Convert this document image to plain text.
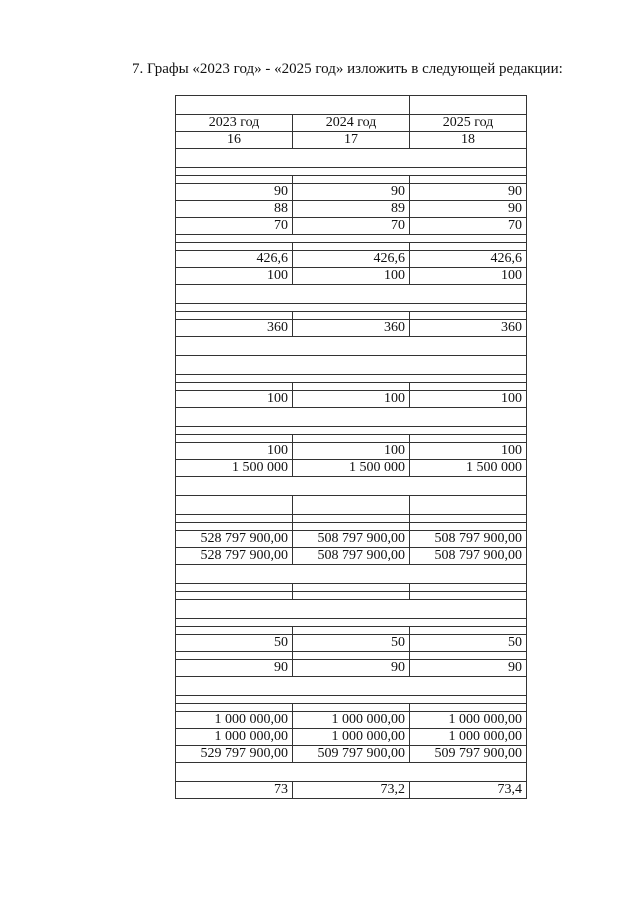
7. Графы «2023 год» - «2025 год» изложить в следующей редакции:

2023 год	2024 год	2025 год
16	17	18

90	90	90
88	89	90
70	70	70

426,6	426,6	426,6
100	100	100

360	360	360

100	100	100

100	100	100
1 500 000	1 500 000	1 500 000

528 797 900,00	508 797 900,00	508 797 900,00
528 797 900,00	508 797 900,00	508 797 900,00

50	50	50

90	90	90

1 000 000,00	1 000 000,00	1 000 000,00
1 000 000,00	1 000 000,00	1 000 000,00
529 797 900,00	509 797 900,00	509 797 900,00

73	73,2	73,4
